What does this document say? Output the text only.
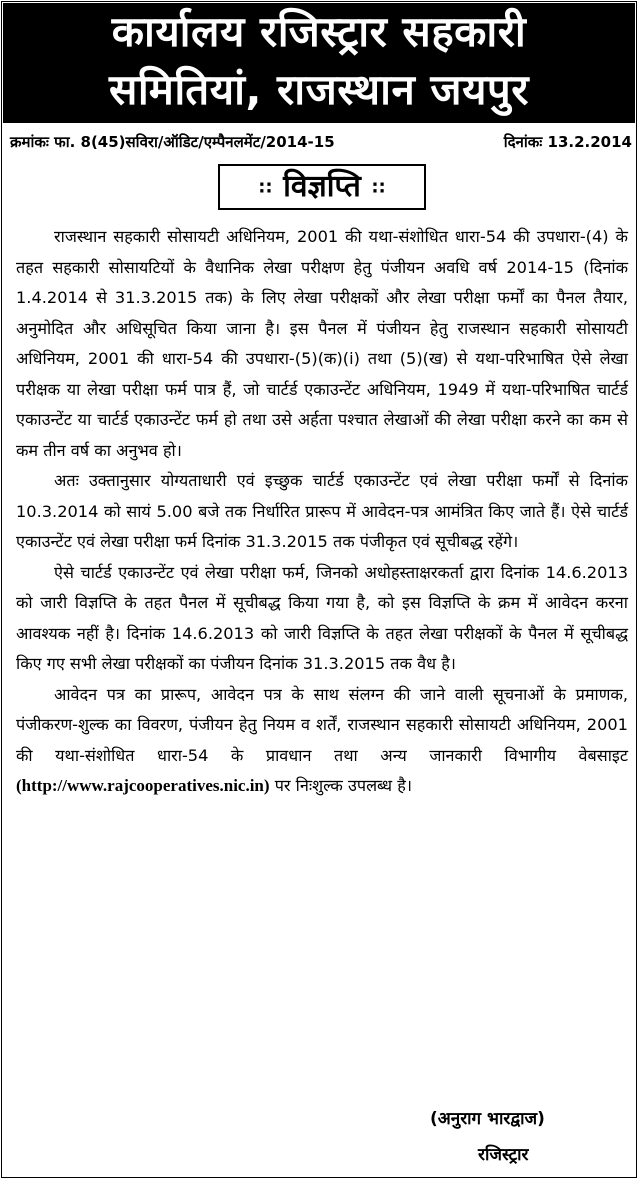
कार्यालय रजिस्ट्रार सहकारी
समितियां, राजस्थान जयपुर
क्रमांकः फा. 8(45)सविरा/ऑडिट/एम्पैनलमेंट/2014-15	दिनांकः 13.2.2014
:: विज्ञप्ति ::

राजस्थान सहकारी सोसायटी अधिनियम, 2001 की यथा-संशोधित धारा-54 की उपधारा-(4) के तहत सहकारी सोसायटियों के वैधानिक लेखा परीक्षण हेतु पंजीयन अवधि वर्ष 2014-15 (दिनांक 1.4.2014 से 31.3.2015 तक) के लिए लेखा परीक्षकों और लेखा परीक्षा फर्मों का पैनल तैयार, अनुमोदित और अधिसूचित किया जाना है। इस पैनल में पंजीयन हेतु राजस्थान सहकारी सोसायटी अधिनियम, 2001 की धारा-54 की उपधारा-(5)(क)(i) तथा (5)(ख) से यथा-परिभाषित ऐसे लेखा परीक्षक या लेखा परीक्षा फर्म पात्र हैं, जो चार्टर्ड एकाउन्टेंट अधिनियम, 1949 में यथा-परिभाषित चार्टर्ड एकाउन्टेंट या चार्टर्ड एकाउन्टेंट फर्म हो तथा उसे अर्हता पश्चात लेखाओं की लेखा परीक्षा करने का कम से कम तीन वर्ष का अनुभव हो।

अतः उक्तानुसार योग्यताधारी एवं इच्छुक चार्टर्ड एकाउन्टेंट एवं लेखा परीक्षा फर्मों से दिनांक 10.3.2014 को सायं 5.00 बजे तक निर्धारित प्रारूप में आवेदन-पत्र आमंत्रित किए जाते हैं। ऐसे चार्टर्ड एकाउन्टेंट एवं लेखा परीक्षा फर्म दिनांक 31.3.2015 तक पंजीकृत एवं सूचीबद्ध रहेंगे।

ऐसे चार्टर्ड एकाउन्टेंट एवं लेखा परीक्षा फर्म, जिनको अधोहस्ताक्षरकर्ता द्वारा दिनांक 14.6.2013 को जारी विज्ञप्ति के तहत पैनल में सूचीबद्ध किया गया है, को इस विज्ञप्ति के क्रम में आवेदन करना आवश्यक नहीं है। दिनांक 14.6.2013 को जारी विज्ञप्ति के तहत लेखा परीक्षकों के पैनल में सूचीबद्ध किए गए सभी लेखा परीक्षकों का पंजीयन दिनांक 31.3.2015 तक वैध है।

आवेदन पत्र का प्रारूप, आवेदन पत्र के साथ संलग्न की जाने वाली सूचनाओं के प्रमाणक, पंजीकरण-शुल्क का विवरण, पंजीयन हेतु नियम व शर्तें, राजस्थान सहकारी सोसायटी अधिनियम, 2001 की यथा-संशोधित धारा-54 के प्रावधान तथा अन्य जानकारी विभागीय वेबसाइट (http://www.rajcooperatives.nic.in) पर निःशुल्क उपलब्ध है।

(अनुराग भारद्वाज)
रजिस्ट्रार
